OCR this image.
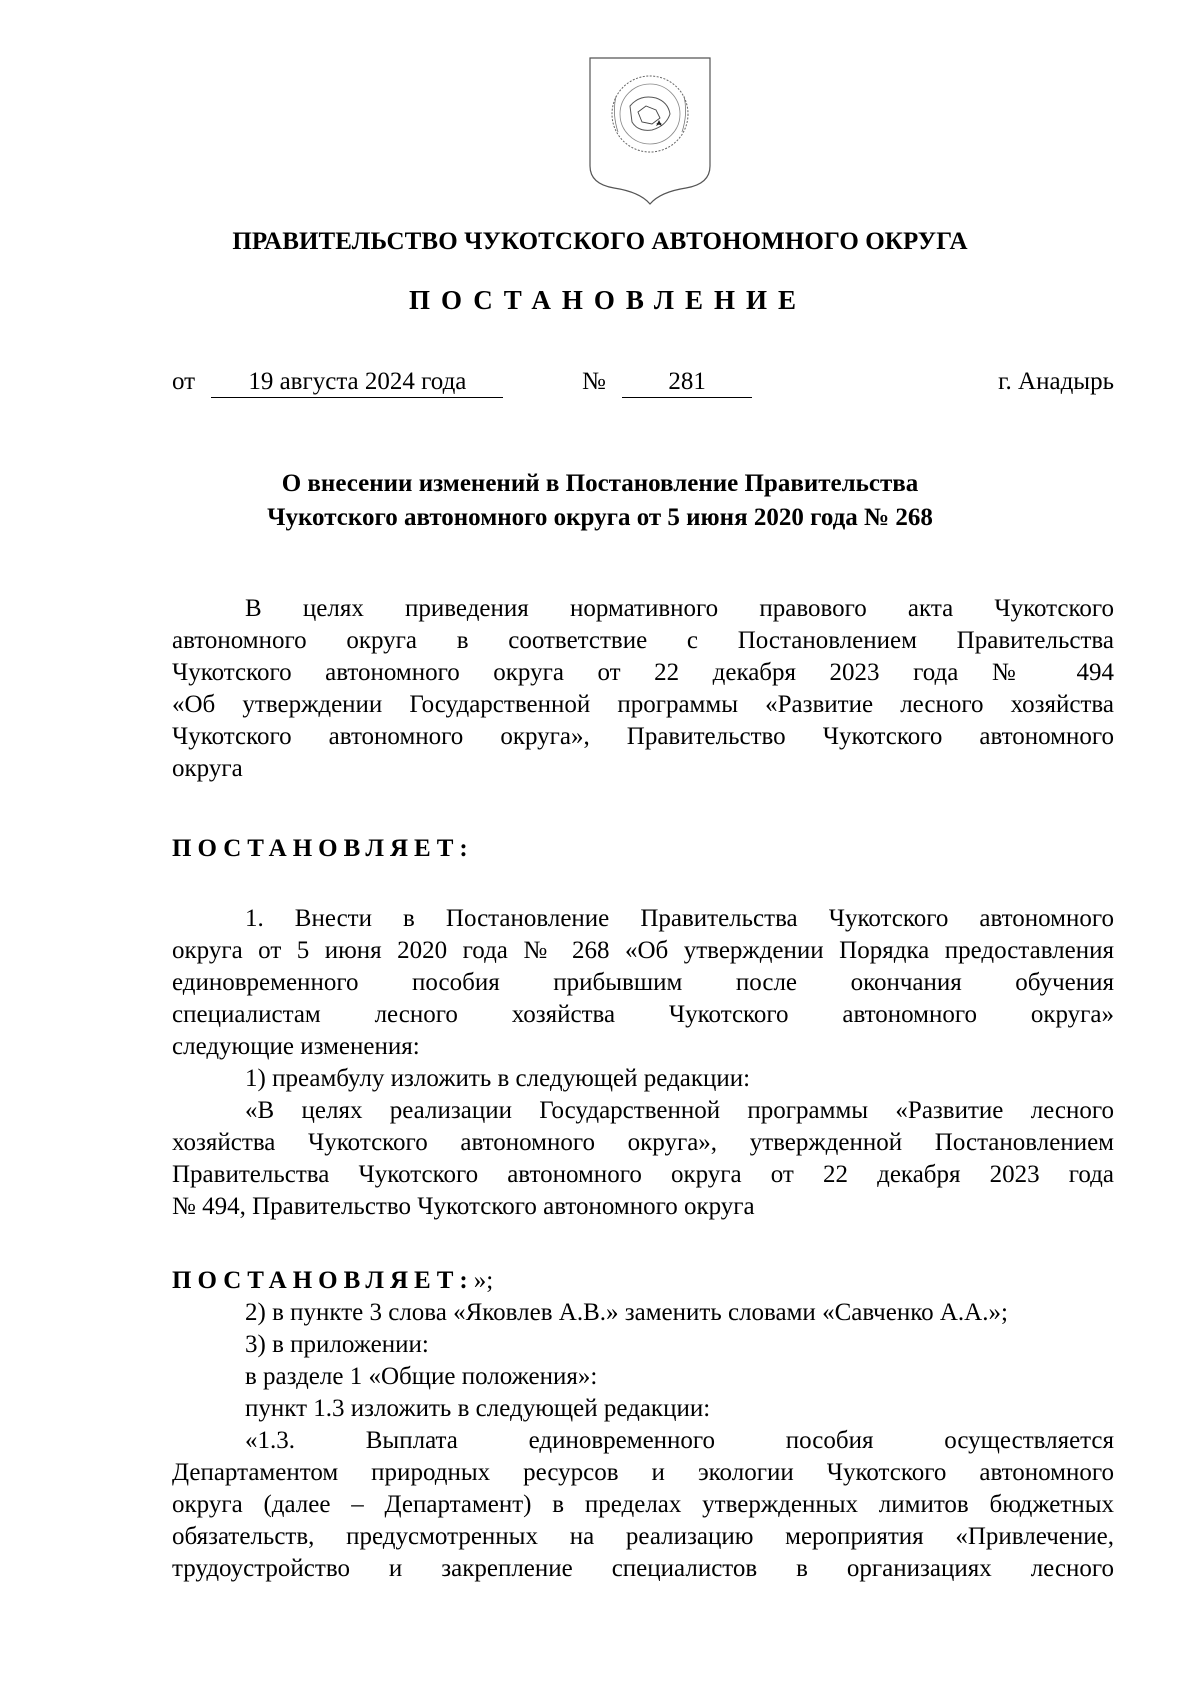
ПРАВИТЕЛЬСТВО ЧУКОТСКОГО АВТОНОМНОГО ОКРУГА
ПОСТАНОВЛЕНИЕ
от 19 августа 2024 года	№	281	г. Анадырь
О внесении изменений в Постановление Правительства
Чукотского автономного округа от 5 июня 2020 года № 268

В целях приведения нормативного правового акта Чукотского

автономного округа в соответствие с Постановлением Правительства

Чукотского автономного округа от 22 декабря 2023 года № 494

«Об утверждении Государственной программы «Развитие лесного хозяйства

Чукотского автономного округа», Правительство Чукотского автономного

округа

ПОСТАНОВЛЯЕТ:

1. Внести в Постановление Правительства Чукотского автономного

округа от 5 июня 2020 года № 268 «Об утверждении Порядка предоставления

единовременного пособия прибывшим после окончания обучения

специалистам лесного хозяйства Чукотского автономного округа»

следующие изменения:

1) преамбулу изложить в следующей редакции:

«В целях реализации Государственной программы «Развитие лесного

хозяйства Чукотского автономного округа», утвержденной Постановлением

Правительства Чукотского автономного округа от 22 декабря 2023 года

№ 494, Правительство Чукотского автономного округа

ПОСТАНОВЛЯЕТ:»;

2) в пункте 3 слова «Яковлев А.В.» заменить словами «Савченко А.А.»;

3) в приложении:

в разделе 1 «Общие положения»:

пункт 1.3 изложить в следующей редакции:

«1.3. Выплата единовременного пособия осуществляется

Департаментом природных ресурсов и экологии Чукотского автономного

округа (далее – Департамент) в пределах утвержденных лимитов бюджетных

обязательств, предусмотренных на реализацию мероприятия «Привлечение,

трудоустройство и закрепление специалистов в организациях лесного
